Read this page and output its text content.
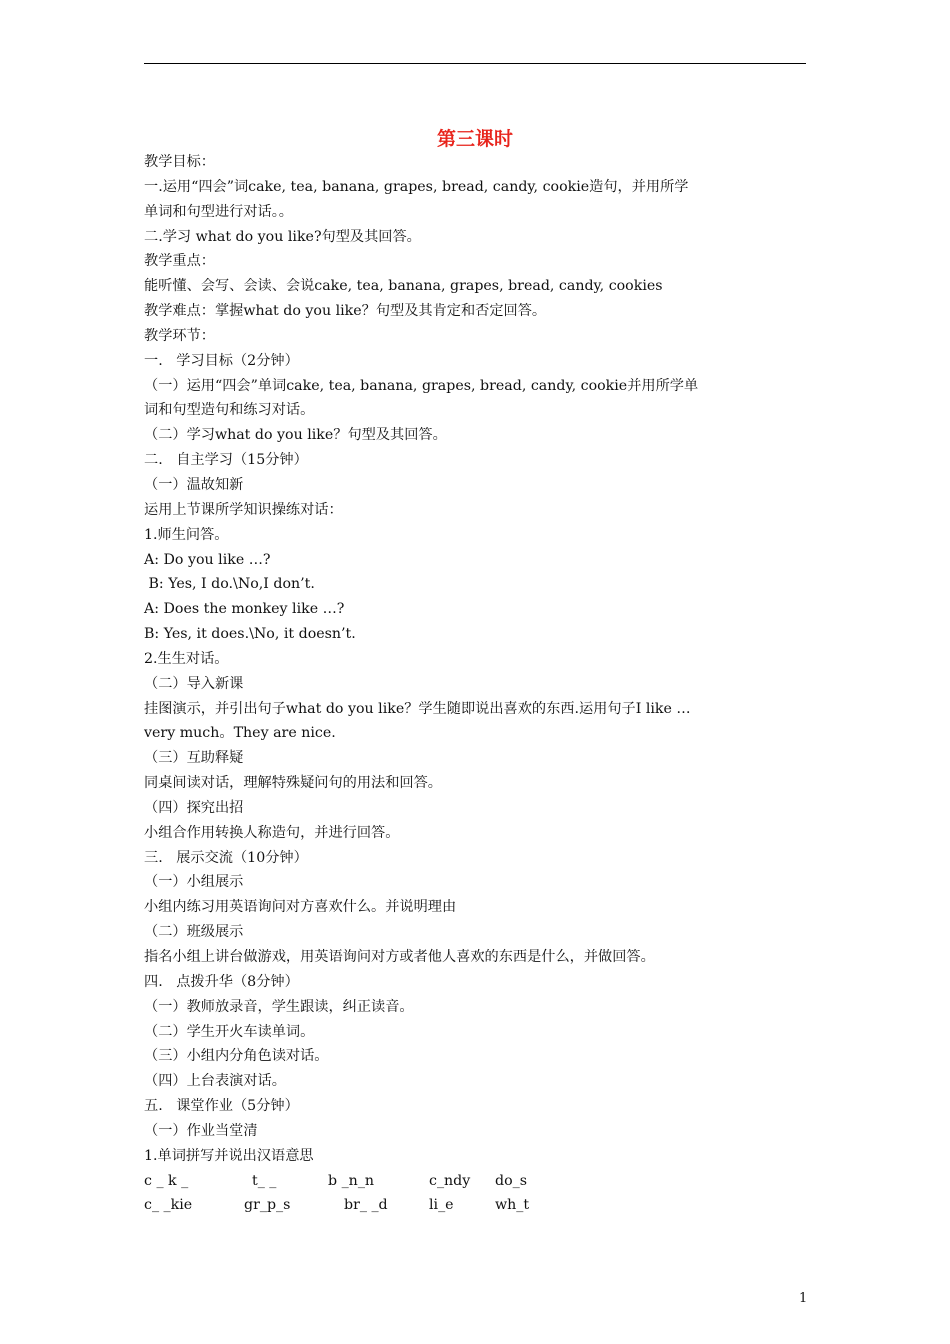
第三课时
教学目标：
一.运用“四会”词cake, tea, banana, grapes, bread, candy, cookie造句，并用所学
单词和句型进行对话。。
二.学习 what do you like?句型及其回答。
教学重点：
能听懂、会写、会读、会说cake, tea, banana, grapes, bread, candy, cookies
教学难点：掌握what do you like？句型及其肯定和否定回答。
教学环节：
一.   学习目标（2分钟）
（一）运用“四会”单词cake, tea, banana, grapes, bread, candy, cookie并用所学单
词和句型造句和练习对话。
（二）学习what do you like？句型及其回答。
二.   自主学习（15分钟）
（一）温故知新
运用上节课所学知识操练对话：
1.师生问答。
A: Do you like …?
B: Yes, I do.\No,I don’t.
A: Does the monkey like …?
B: Yes, it does.\No, it doesn’t.
2.生生对话。
（二）导入新课
挂图演示，并引出句子what do you like？学生随即说出喜欢的东西.运用句子I like …
very much。They are nice.
（三）互助释疑
同桌间读对话，理解特殊疑问句的用法和回答。
（四）探究出招
小组合作用转换人称造句，并进行回答。
三.   展示交流（10分钟）
（一）小组展示
小组内练习用英语询问对方喜欢什么。并说明理由
（二）班级展示
指名小组上讲台做游戏，用英语询问对方或者他人喜欢的东西是什么，并做回答。
四.   点拨升华（8分钟）
（一）教师放录音，学生跟读，纠正读音。
（二）学生开火车读单词。
（三）小组内分角色读对话。
（四）上台表演对话。
五.   课堂作业（5分钟）
（一）作业当堂清
1.单词拼写并说出汉语意思
c _ k _	t_ _	b _n_n	c_ndy do_s
c_ _kie	gr_p_s	br_ _d	li_e	wh_t
1
